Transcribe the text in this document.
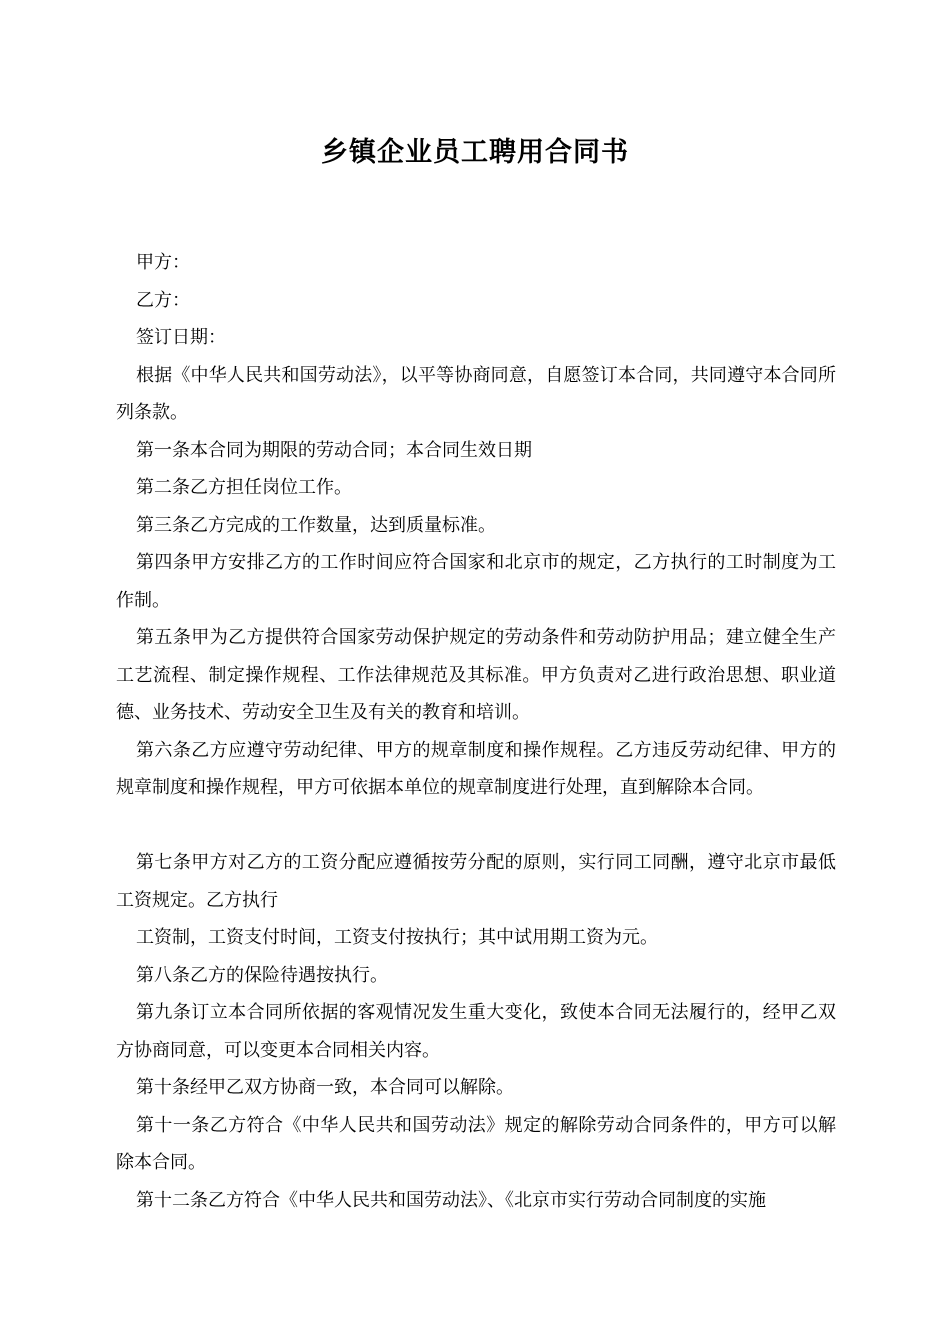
乡镇企业员工聘用合同书

甲方：

乙方：

签订日期：

根据《中华人民共和国劳动法》，以平等协商同意，自愿签订本合同，共同遵守本合同所列条款。

第一条本合同为期限的劳动合同；本合同生效日期

第二条乙方担任岗位工作。

第三条乙方完成的工作数量，达到质量标准。

第四条甲方安排乙方的工作时间应符合国家和北京市的规定，乙方执行的工时制度为工作制。

第五条甲为乙方提供符合国家劳动保护规定的劳动条件和劳动防护用品；建立健全生产工艺流程、制定操作规程、工作法律规范及其标准。甲方负责对乙进行政治思想、职业道德、业务技术、劳动安全卫生及有关的教育和培训。

第六条乙方应遵守劳动纪律、甲方的规章制度和操作规程。乙方违反劳动纪律、甲方的规章制度和操作规程，甲方可依据本单位的规章制度进行处理，直到解除本合同。

第七条甲方对乙方的工资分配应遵循按劳分配的原则，实行同工同酬，遵守北京市最低工资规定。乙方执行

工资制，工资支付时间，工资支付按执行；其中试用期工资为元。

第八条乙方的保险待遇按执行。

第九条订立本合同所依据的客观情况发生重大变化，致使本合同无法履行的，经甲乙双方协商同意，可以变更本合同相关内容。

第十条经甲乙双方协商一致，本合同可以解除。

第十一条乙方符合《中华人民共和国劳动法》规定的解除劳动合同条件的，甲方可以解除本合同。

第十二条乙方符合《中华人民共和国劳动法》、《北京市实行劳动合同制度的实施
